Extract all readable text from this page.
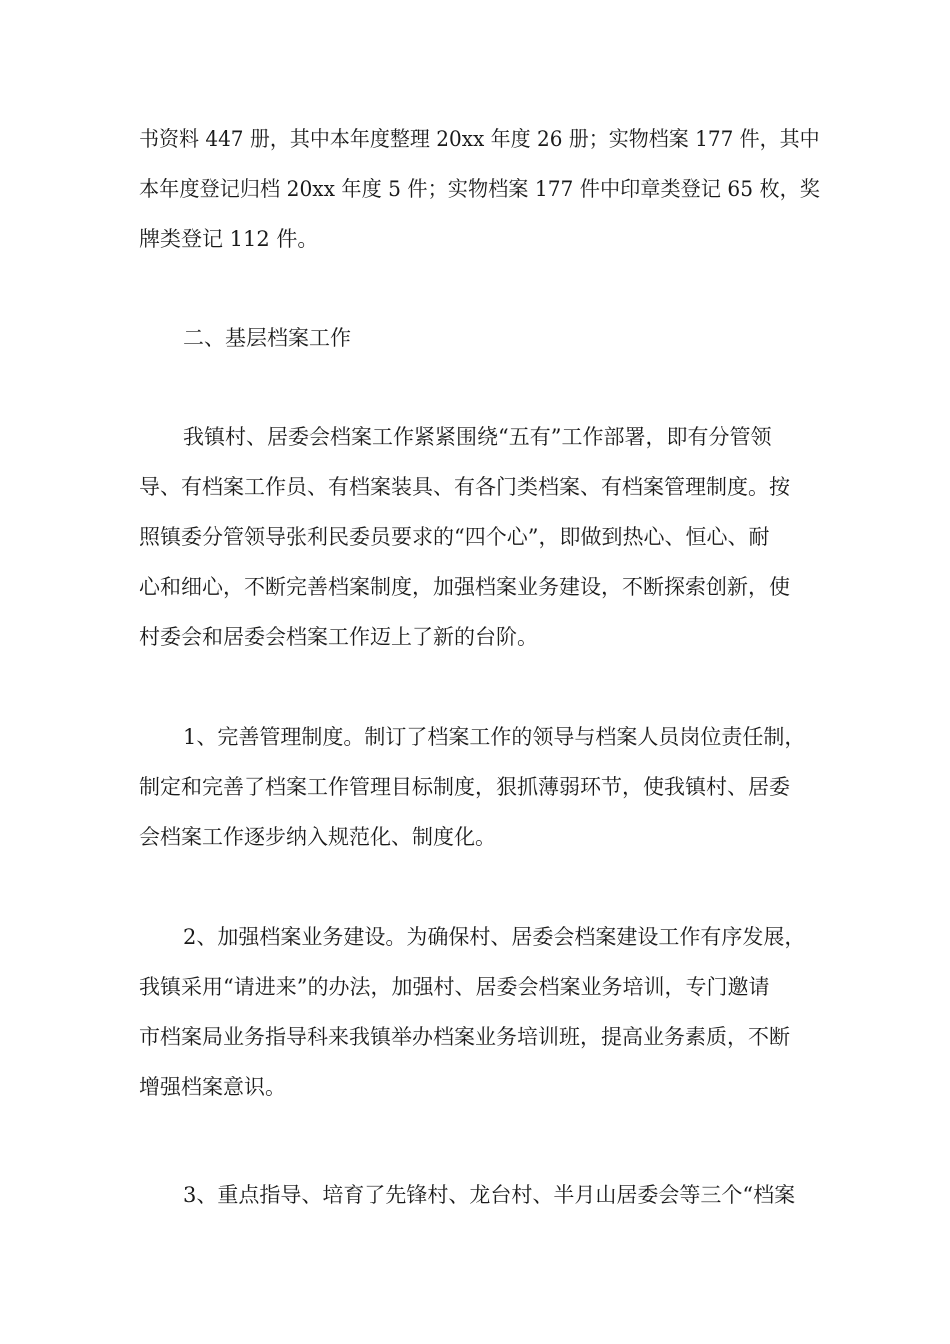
书资料 447 册，其中本年度整理 20xx 年度 26 册；实物档案 177 件，其中
本年度登记归档 20xx 年度 5 件；实物档案 177 件中印章类登记 65 枚，奖
牌类登记 112 件。
二、基层档案工作
我镇村、居委会档案工作紧紧围绕“五有”工作部署，即有分管领
导、有档案工作员、有档案装具、有各门类档案、有档案管理制度。按
照镇委分管领导张利民委员要求的“四个心”，即做到热心、恒心、耐
心和细心，不断完善档案制度，加强档案业务建设，不断探索创新，使
村委会和居委会档案工作迈上了新的台阶。
1、完善管理制度。制订了档案工作的领导与档案人员岗位责任制，
制定和完善了档案工作管理目标制度，狠抓薄弱环节，使我镇村、居委
会档案工作逐步纳入规范化、制度化。
2、加强档案业务建设。为确保村、居委会档案建设工作有序发展，
我镇采用“请进来”的办法，加强村、居委会档案业务培训，专门邀请
市档案局业务指导科来我镇举办档案业务培训班，提高业务素质，不断
增强档案意识。
3、重点指导、培育了先锋村、龙台村、半月山居委会等三个“档案
